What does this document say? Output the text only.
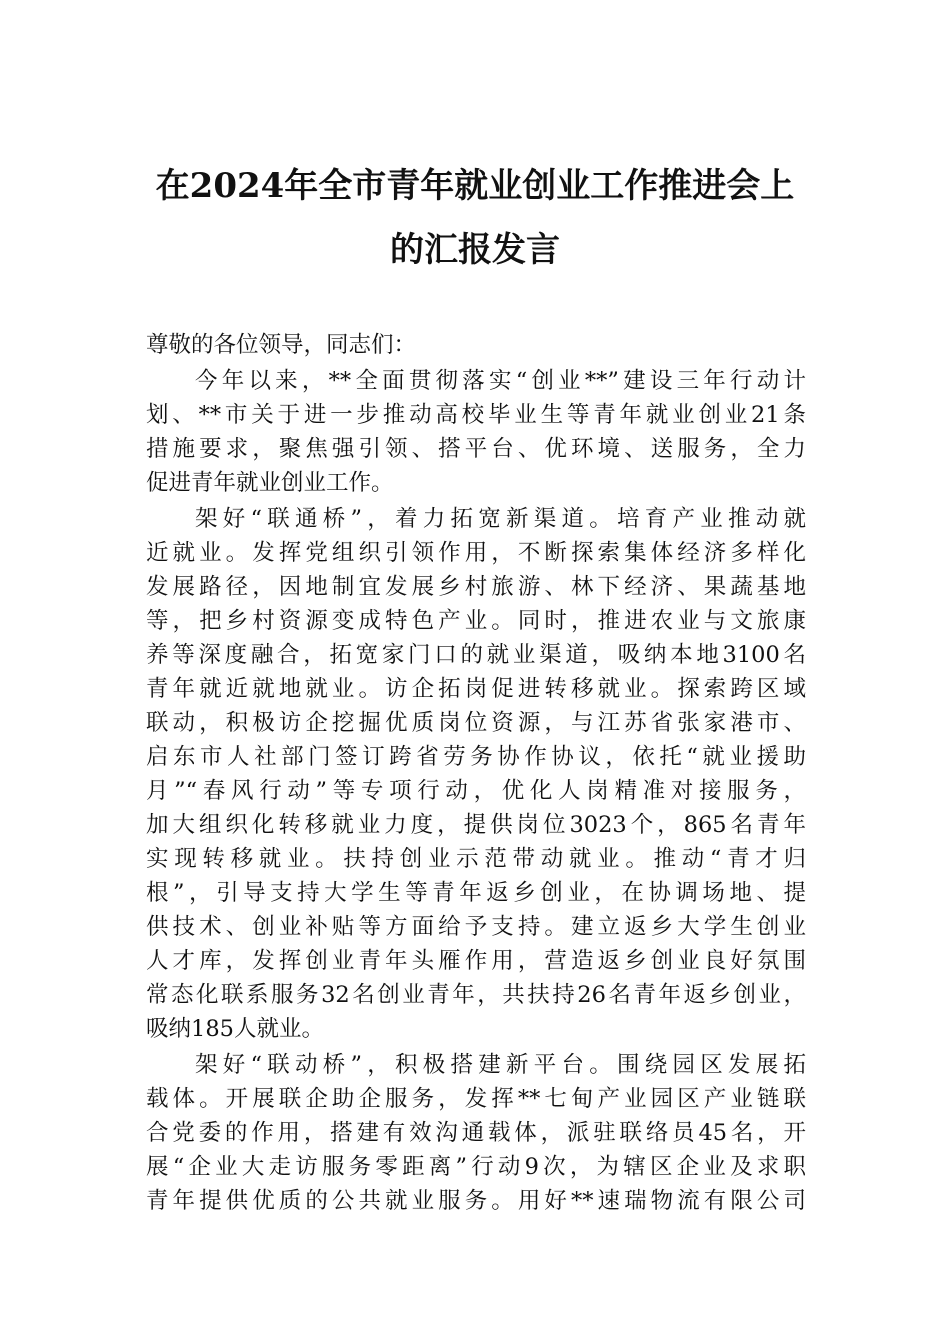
在2024年全市青年就业创业工作推进会上
的汇报发言
尊敬的各位领导，同志们：
今年以来，**全面贯彻落实“创业**”建设三年行动计
划、**市关于进一步推动高校毕业生等青年就业创业21条
措施要求，聚焦强引领、搭平台、优环境、送服务，全力
促进青年就业创业工作。
架好“联通桥”，着力拓宽新渠道。培育产业推动就
近就业。发挥党组织引领作用，不断探索集体经济多样化
发展路径，因地制宜发展乡村旅游、林下经济、果蔬基地
等，把乡村资源变成特色产业。同时，推进农业与文旅康
养等深度融合，拓宽家门口的就业渠道，吸纳本地3100名
青年就近就地就业。访企拓岗促进转移就业。探索跨区域
联动，积极访企挖掘优质岗位资源，与江苏省张家港市、
启东市人社部门签订跨省劳务协作协议，依托“就业援助
月”“春风行动”等专项行动，优化人岗精准对接服务，
加大组织化转移就业力度，提供岗位3023个，865名青年
实现转移就业。扶持创业示范带动就业。推动“青才归
根”，引导支持大学生等青年返乡创业，在协调场地、提
供技术、创业补贴等方面给予支持。建立返乡大学生创业
人才库，发挥创业青年头雁作用，营造返乡创业良好氛围
常态化联系服务32名创业青年，共扶持26名青年返乡创业，
吸纳185人就业。
架好“联动桥”，积极搭建新平台。围绕园区发展拓
载体。开展联企助企服务，发挥**七甸产业园区产业链联
合党委的作用，搭建有效沟通载体，派驻联络员45名，开
展“企业大走访服务零距离”行动9次，为辖区企业及求职
青年提供优质的公共就业服务。用好**速瑞物流有限公司
